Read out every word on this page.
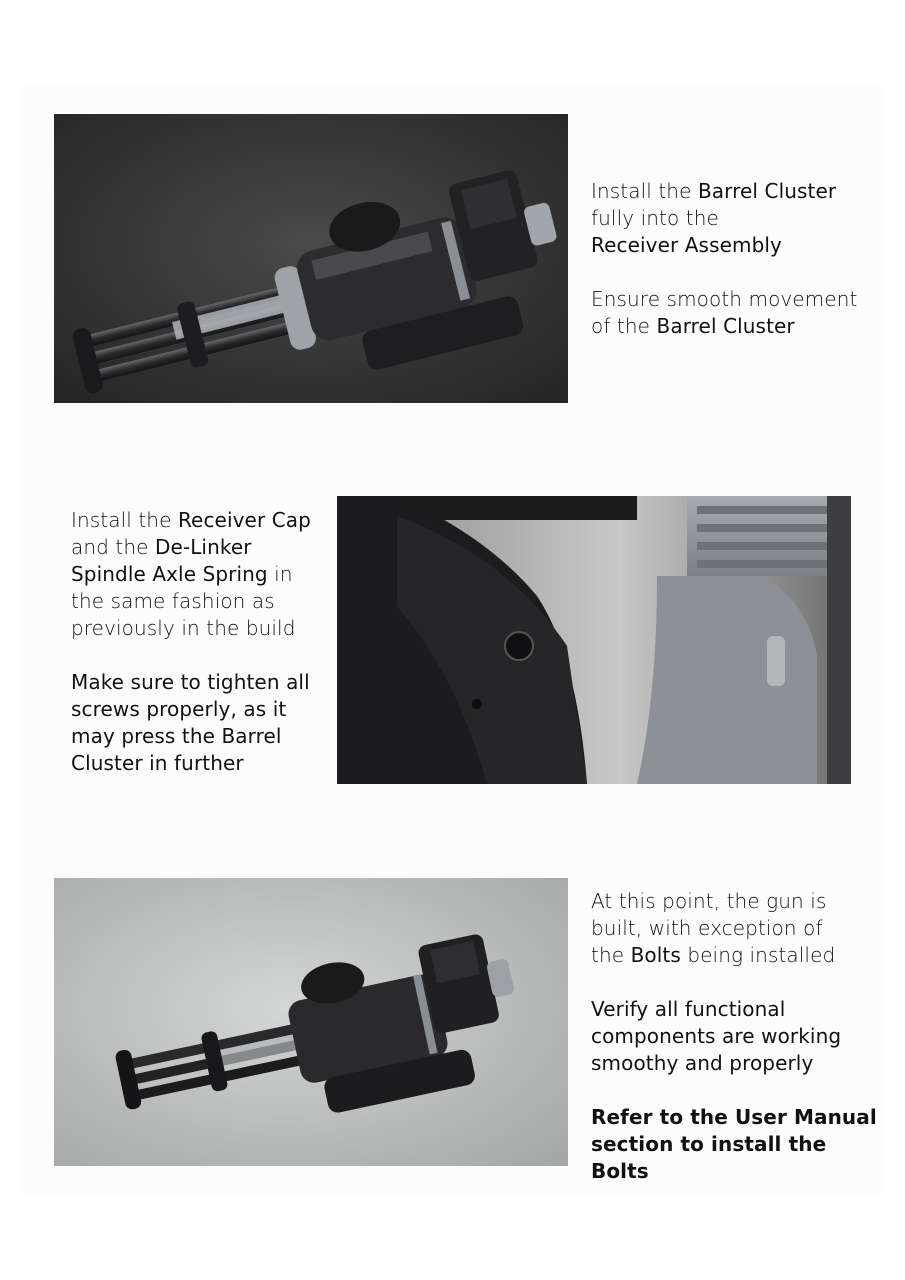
Install the Barrel Cluster
fully into the
Receiver Assembly

Ensure smooth movement
of the Barrel Cluster

Install the Receiver Cap
and the De-Linker
Spindle Axle Spring in
the same fashion as
previously in the build

Make sure to tighten all
screws properly, as it
may press the Barrel
Cluster in further

At this point, the gun is
built, with exception of
the Bolts being installed

Verify all functional
components are working
smoothy and properly

Refer to the User Manual
section to install the Bolts
